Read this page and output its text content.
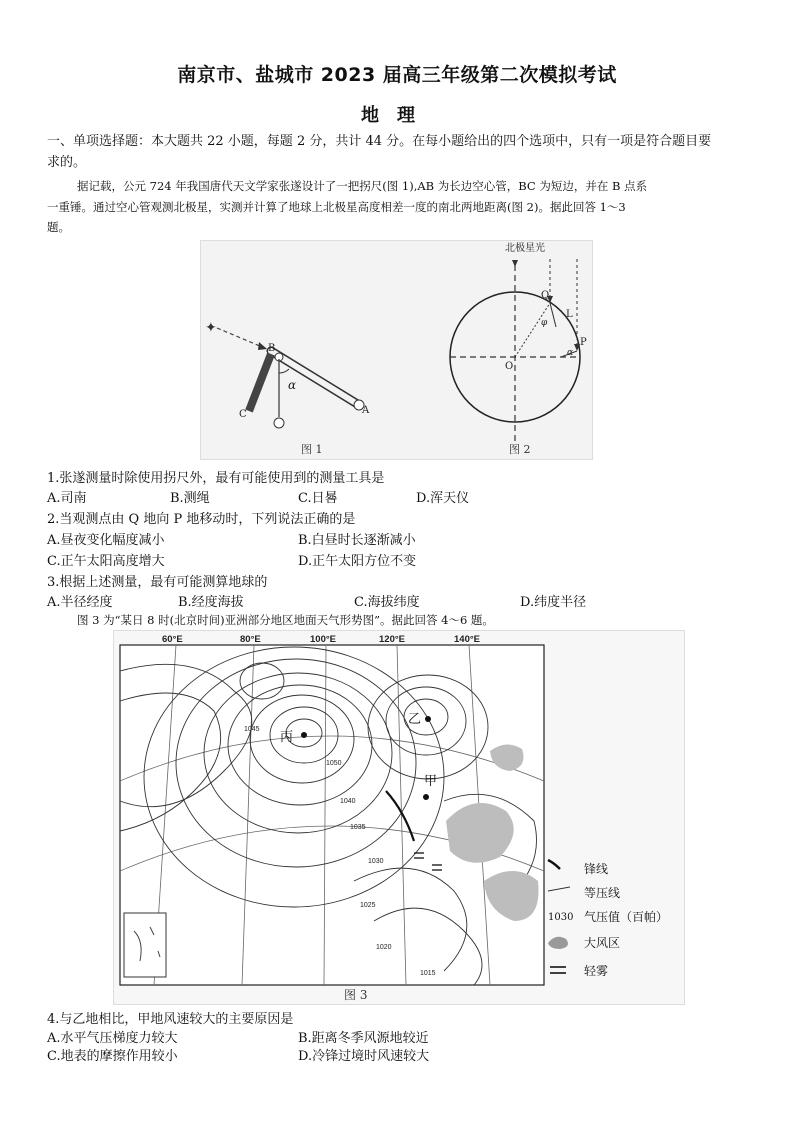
南京市、盐城市 2023 届高三年级第二次模拟考试
地理
一、单项选择题：本大题共 22 小题，每题 2 分，共计 44 分。在每小题给出的四个选项中，只有一项是符合题目要
求的。
据记载，公元 724 年我国唐代天文学家张遂设计了一把拐尺(图 1),AB 为长边空心管，BC 为短边，并在 B 点系
一重锤。通过空心管观测北极星，实测并计算了地球上北极星高度相差一度的南北两地距离(图 2)。据此回答 1～3
题。
✦
B
C	A
α
图 1
北极星光
Q
L
P
O
φ
α
图 2
1.张遂测量时除使用拐尺外，最有可能使用到的测量工具是
A.司南	B.测绳	C.日晷	D.浑天仪
2.当观测点由 Q 地向 P 地移动时，下列说法正确的是
A.昼夜变化幅度减小	B.白昼时长逐渐减小
C.正午太阳高度增大	D.正午太阳方位不变
3.根据上述测量，最有可能测算地球的
A.半径经度	B.经度海拔	C.海拔纬度	D.纬度半径
图 3 为“某日 8 时(北京时间)亚洲部分地区地面天气形势图”。据此回答 4～6 题。
1045
1050
1040
1035
1030
1025
1020
1015
60°E	80°E	100°E	120°E	140°E
丙
乙
甲
锋线
等压线
1030 气压值（百帕）
大风区
轻雾
图 3
4.与乙地相比，甲地风速较大的主要原因是
A.水平气压梯度力较大	B.距离冬季风源地较近
C.地表的摩擦作用较小	D.冷锋过境时风速较大
